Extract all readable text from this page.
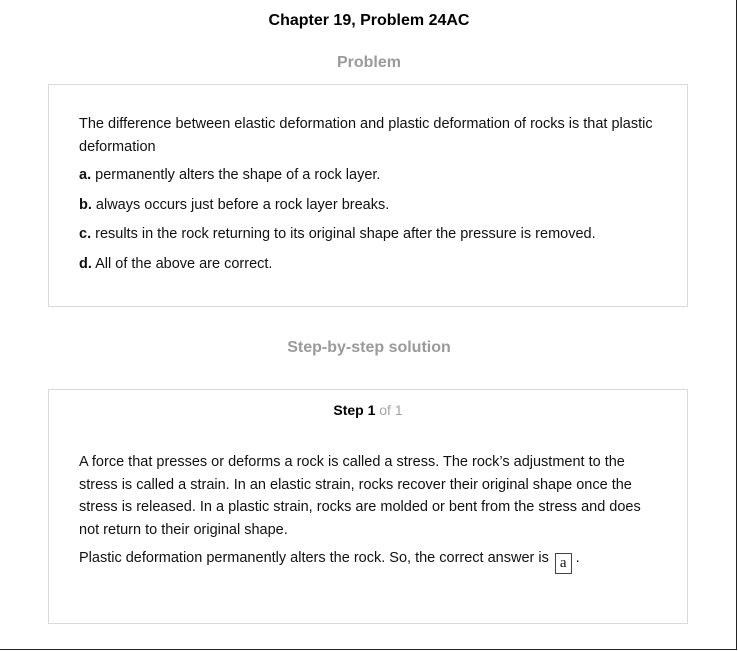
Chapter 19, Problem 24AC
Problem

The difference between elastic deformation and plastic deformation of rocks is that plastic deformation

a. permanently alters the shape of a rock layer.

b. always occurs just before a rock layer breaks.

c. results in the rock returning to its original shape after the pressure is removed.

d. All of the above are correct.

Step-by-step solution
Step 1 of 1

A force that presses or deforms a rock is called a stress. The rock’s adjustment to the stress is called a strain. In an elastic strain, rocks recover their original shape once the stress is released. In a plastic strain, rocks are molded or bent from the stress and does not return to their original shape.

Plastic deformation permanently alters the rock. So, the correct answer is a .
